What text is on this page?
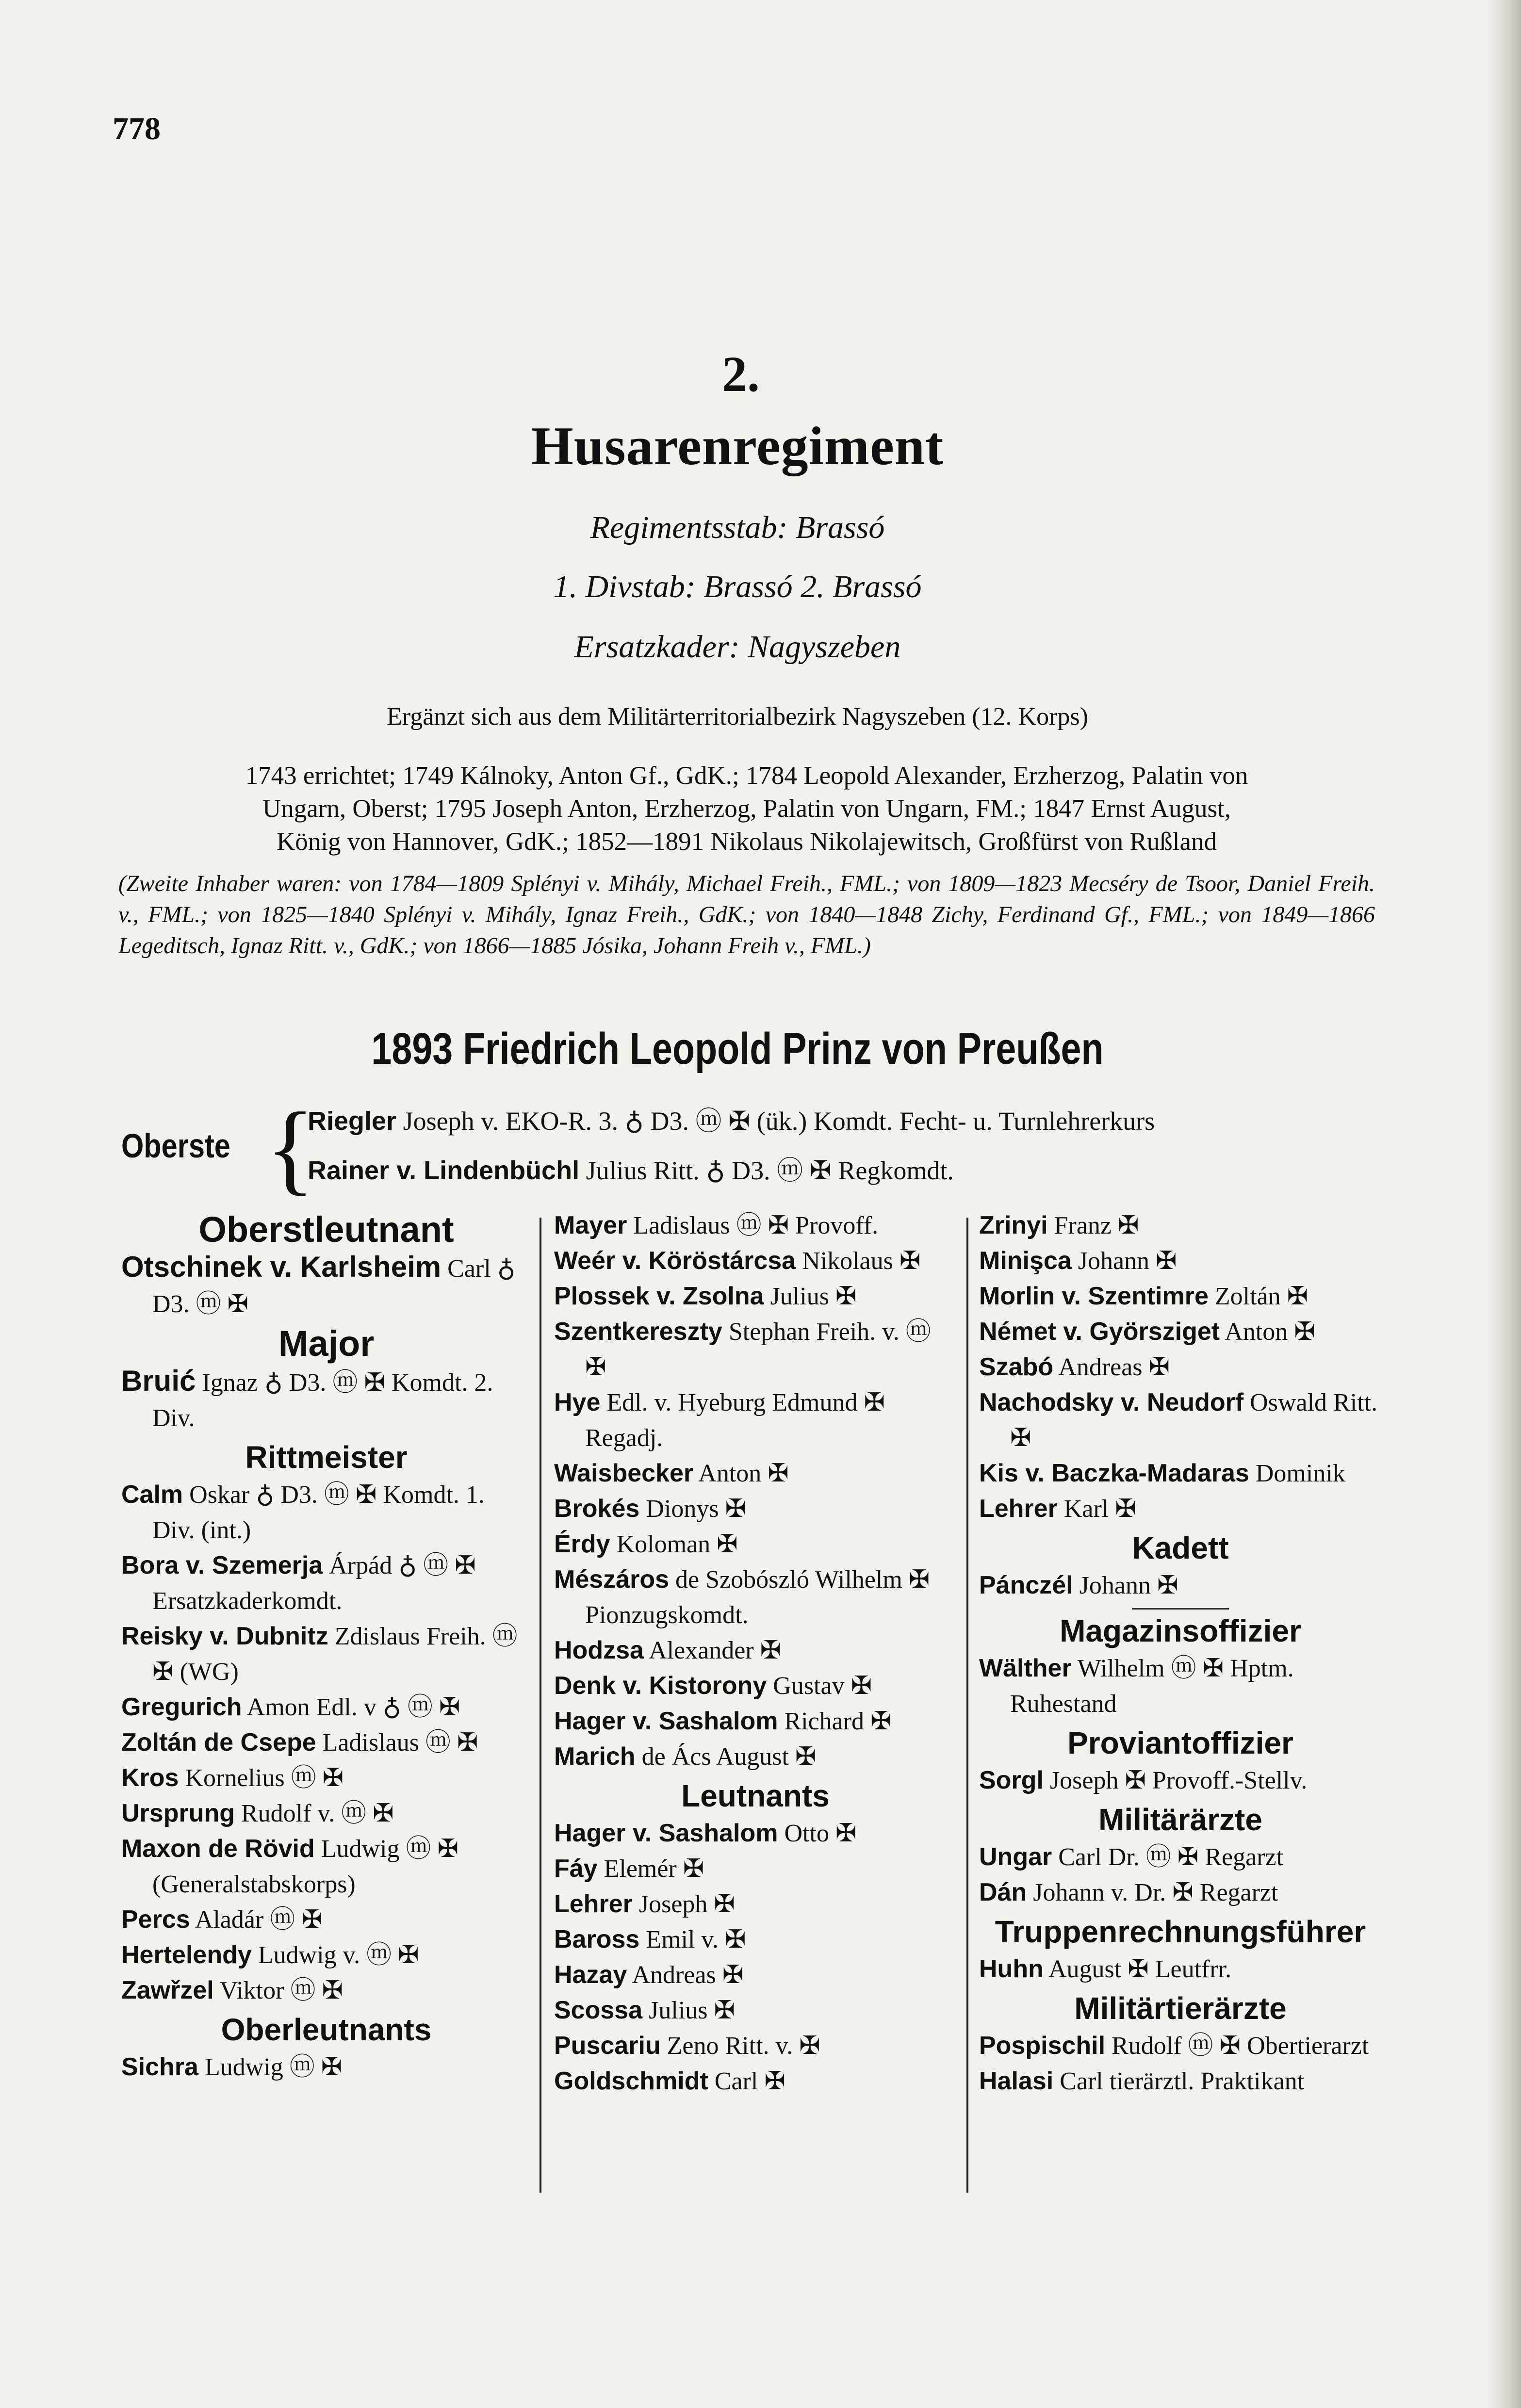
778
2.
Husarenregiment
Regimentsstab: Brassó
1. Divstab: Brassó 2. Brassó
Ersatzkader: Nagyszeben
Ergänzt sich aus dem Militärterritorialbezirk Nagyszeben (12. Korps)

1743 errichtet; 1749 Kálnoky, Anton Gf., GdK.; 1784 Leopold Alexander, Erzherzog, Palatin von

Ungarn, Oberst; 1795 Joseph Anton, Erzherzog, Palatin von Ungarn, FM.; 1847 Ernst August,

König von Hannover, GdK.; 1852—1891 Nikolaus Nikolajewitsch, Großfürst von Rußland

(Zweite Inhaber waren: von 1784—1809 Splényi v. Mihály, Michael Freih., FML.; von 1809—1823 Mecséry de Tsoor, Daniel Freih. v., FML.; von 1825—1840 Splényi v. Mihály, Ignaz Freih., GdK.; von 1840—1848 Zichy, Ferdinand Gf., FML.; von 1849—1866 Legeditsch, Ignaz Ritt. v., GdK.; von 1866—1885 Jósika, Johann Freih v., FML.)
1893 Friedrich Leopold Prinz von Preußen
Oberste {
Riegler Joseph v. EKO-R. 3. ♁ D3. ⓜ ✠ (ük.) Komdt. Fecht- u. Turnlehrerkurs
Rainer v. Lindenbüchl Julius Ritt. ♁ D3. ⓜ ✠ Regkomdt.
Oberstleutnant
Otschinek v. Karlsheim Carl ♁ D3. ⓜ ✠
Major
Bruić Ignaz ♁ D3. ⓜ ✠ Komdt. 2. Div.
Rittmeister
Calm Oskar ♁ D3. ⓜ ✠ Komdt. 1. Div. (int.)
Bora v. Szemerja Árpád ♁ ⓜ ✠ Ersatzkaderkomdt.
Reisky v. Dubnitz Zdislaus Freih. ⓜ ✠ (WG)
Gregurich Amon Edl. v ♁ ⓜ ✠
Zoltán de Csepe Ladislaus ⓜ ✠
Kros Kornelius ⓜ ✠
Ursprung Rudolf v. ⓜ ✠
Maxon de Rövid Ludwig ⓜ ✠ (Generalstabskorps)
Percs Aladár ⓜ ✠
Hertelendy Ludwig v. ⓜ ✠
Zawřzel Viktor ⓜ ✠
Oberleutnants
Sichra Ludwig ⓜ ✠
Mayer Ladislaus ⓜ ✠ Provoff.
Weér v. Köröstárcsa Nikolaus ✠
Plossek v. Zsolna Julius ✠
Szentkereszty Stephan Freih. v. ⓜ ✠
Hye Edl. v. Hyeburg Edmund ✠ Regadj.
Waisbecker Anton ✠
Brokés Dionys ✠
Érdy Koloman ✠
Mészáros de Szobószló Wilhelm ✠ Pionzugskomdt.
Hodzsa Alexander ✠
Denk v. Kistorony Gustav ✠
Hager v. Sashalom Richard ✠
Marich de Ács August ✠
Leutnants
Hager v. Sashalom Otto ✠
Fáy Elemér ✠
Lehrer Joseph ✠
Baross Emil v. ✠
Hazay Andreas ✠
Scossa Julius ✠
Puscariu Zeno Ritt. v. ✠
Goldschmidt Carl ✠
Zrinyi Franz ✠
Minişca Johann ✠
Morlin v. Szentimre Zoltán ✠
Német v. Györsziget Anton ✠
Szabó Andreas ✠
Nachodsky v. Neudorf Oswald Ritt. ✠
Kis v. Baczka-Madaras Dominik
Lehrer Karl ✠
Kadett
Pánczél Johann ✠
Magazinsoffizier
Wälther Wilhelm ⓜ ✠ Hptm. Ruhestand
Proviantoffizier
Sorgl Joseph ✠ Provoff.-Stellv.
Militärärzte
Ungar Carl Dr. ⓜ ✠ Regarzt
Dán Johann v. Dr. ✠ Regarzt
Truppenrechnungsführer
Huhn August ✠ Leutfrr.
Militärtierärzte
Pospischil Rudolf ⓜ ✠ Obertierarzt
Halasi Carl tierärztl. Praktikant
